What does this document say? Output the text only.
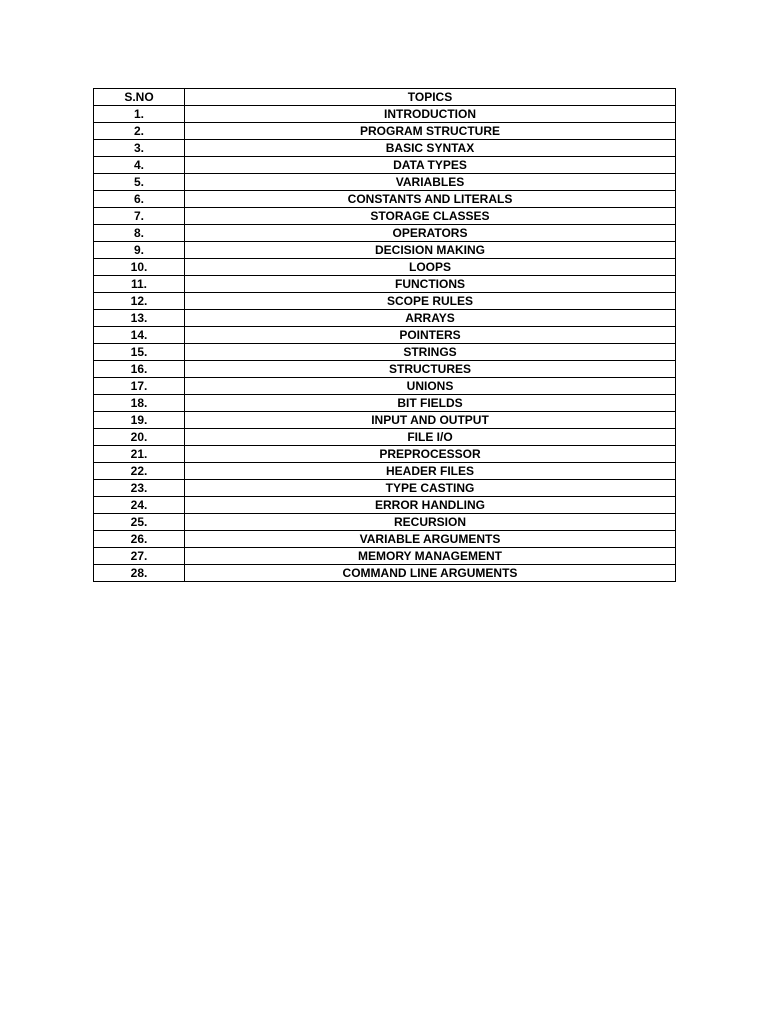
S.NO	TOPICS
1.	INTRODUCTION
2.	PROGRAM STRUCTURE
3.	BASIC SYNTAX
4.	DATA TYPES
5.	VARIABLES
6.	CONSTANTS AND LITERALS
7.	STORAGE CLASSES
8.	OPERATORS
9.	DECISION MAKING
10.	LOOPS
11.	FUNCTIONS
12.	SCOPE RULES
13.	ARRAYS
14.	POINTERS
15.	STRINGS
16.	STRUCTURES
17.	UNIONS
18.	BIT FIELDS
19.	INPUT AND OUTPUT
20.	FILE I/O
21.	PREPROCESSOR
22.	HEADER FILES
23.	TYPE CASTING
24.	ERROR HANDLING
25.	RECURSION
26.	VARIABLE ARGUMENTS
27.	MEMORY MANAGEMENT
28.	COMMAND LINE ARGUMENTS
